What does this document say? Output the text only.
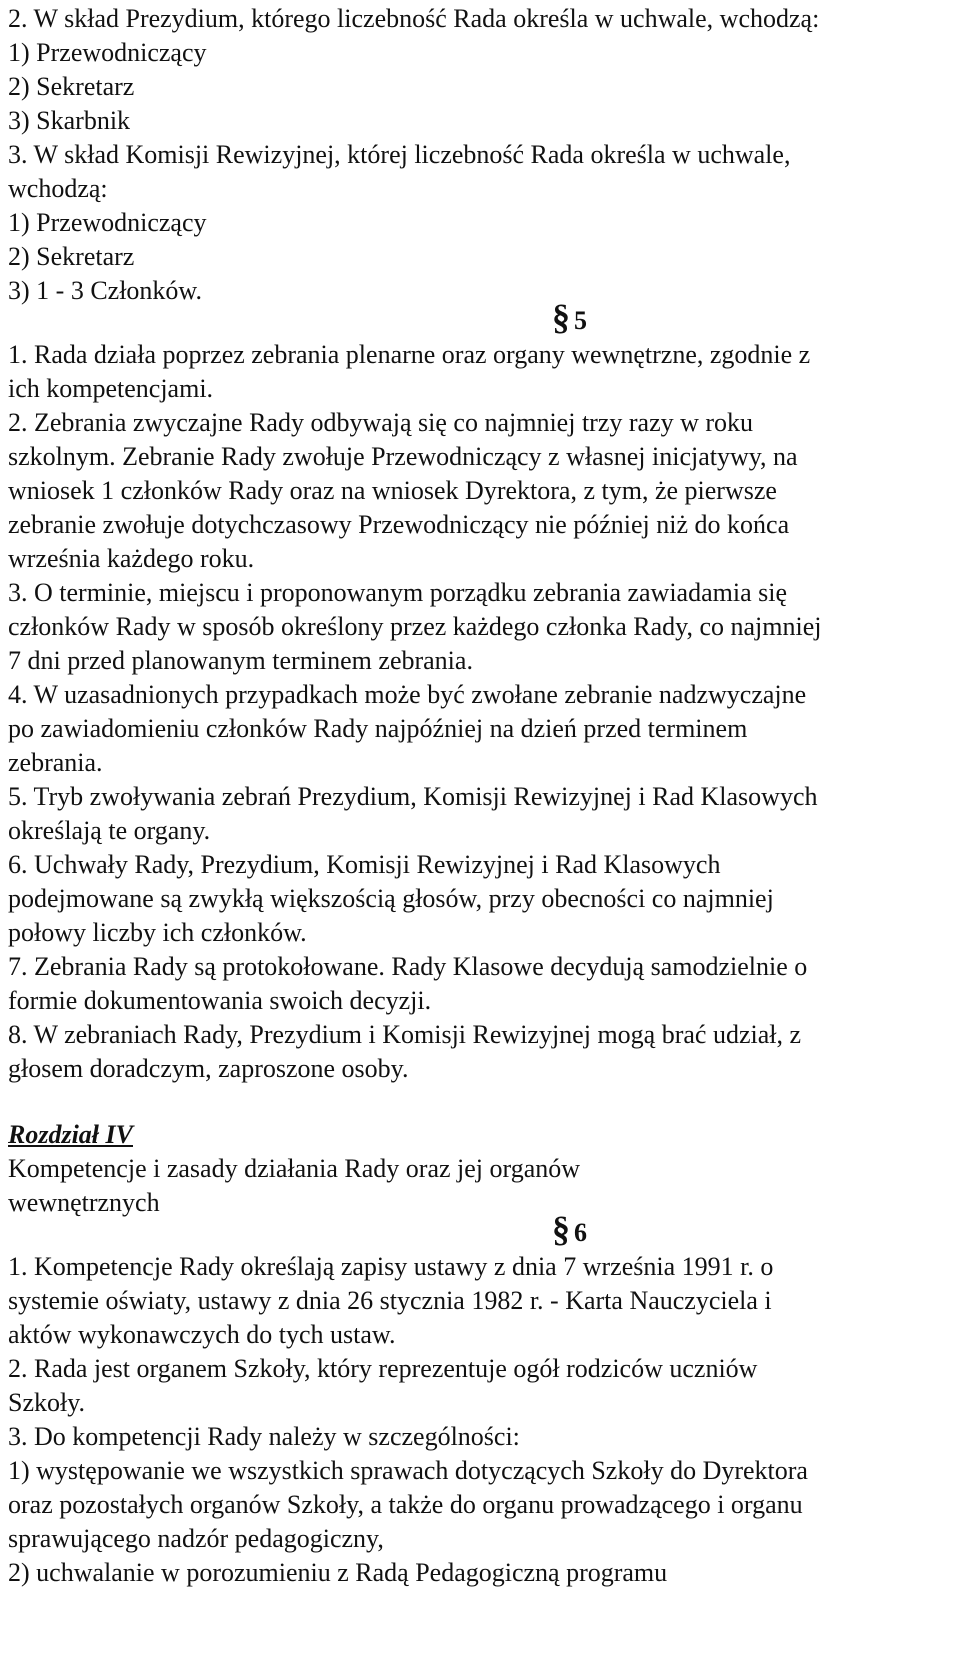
2. W skład Prezydium, którego liczebność Rada określa w uchwale, wchodzą:
1) Przewodniczący
2) Sekretarz
3) Skarbnik
3. W skład Komisji Rewizyjnej, której liczebność Rada określa w uchwale,
wchodzą:
1) Przewodniczący
2) Sekretarz
3) 1 - 3 Członków.
§ 5
1. Rada działa poprzez zebrania plenarne oraz organy wewnętrzne, zgodnie z
ich kompetencjami.
2. Zebrania zwyczajne Rady odbywają się co najmniej trzy razy w roku
szkolnym. Zebranie Rady zwołuje Przewodniczący z własnej inicjatywy, na
wniosek 1 członków Rady oraz na wniosek Dyrektora, z tym, że pierwsze
zebranie zwołuje dotychczasowy Przewodniczący nie później niż do końca
września każdego roku.
3. O terminie, miejscu i proponowanym porządku zebrania zawiadamia się
członków Rady w sposób określony przez każdego członka Rady, co najmniej
7 dni przed planowanym terminem zebrania.
4. W uzasadnionych przypadkach może być zwołane zebranie nadzwyczajne
po zawiadomieniu członków Rady najpóźniej na dzień przed terminem
zebrania.
5. Tryb zwoływania zebrań Prezydium, Komisji Rewizyjnej i Rad Klasowych
określają te organy.
6. Uchwały Rady, Prezydium, Komisji Rewizyjnej i Rad Klasowych
podejmowane są zwykłą większością głosów, przy obecności co najmniej
połowy liczby ich członków.
7. Zebrania Rady są protokołowane. Rady Klasowe decydują samodzielnie o
formie dokumentowania swoich decyzji.
8. W zebraniach Rady, Prezydium i Komisji Rewizyjnej mogą brać udział, z
głosem doradczym, zaproszone osoby.
Rozdział IV
Kompetencje i zasady działania Rady oraz jej organów
wewnętrznych
§ 6
1. Kompetencje Rady określają zapisy ustawy z dnia 7 września 1991 r. o
systemie oświaty, ustawy z dnia 26 stycznia 1982 r. - Karta Nauczyciela i
aktów wykonawczych do tych ustaw.
2. Rada jest organem Szkoły, który reprezentuje ogół rodziców uczniów
Szkoły.
3. Do kompetencji Rady należy w szczególności:
1) występowanie we wszystkich sprawach dotyczących Szkoły do Dyrektora
oraz pozostałych organów Szkoły, a także do organu prowadzącego i organu
sprawującego nadzór pedagogiczny,
2) uchwalanie w porozumieniu z Radą Pedagogiczną programu
